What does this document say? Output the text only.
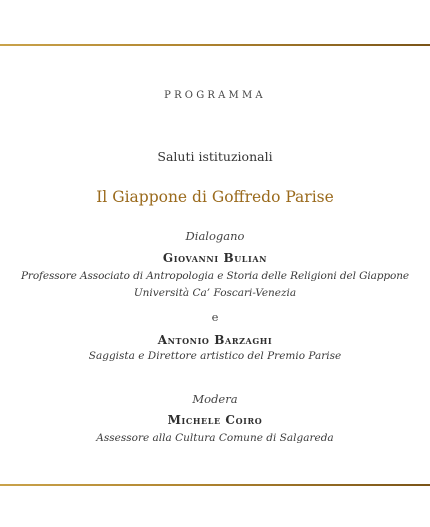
PROGRAMMA
Saluti istituzionali
Il Giappone di Goffredo Parise
Dialogano
Giovanni Bulian
Professore Associato di Antropologia e Storia delle Religioni del Giappone
Università Ca’ Foscari-Venezia
e
Antonio Barzaghi
Saggista e Direttore artistico del Premio Parise
Modera
Michele Coiro
Assessore alla Cultura Comune di Salgareda
